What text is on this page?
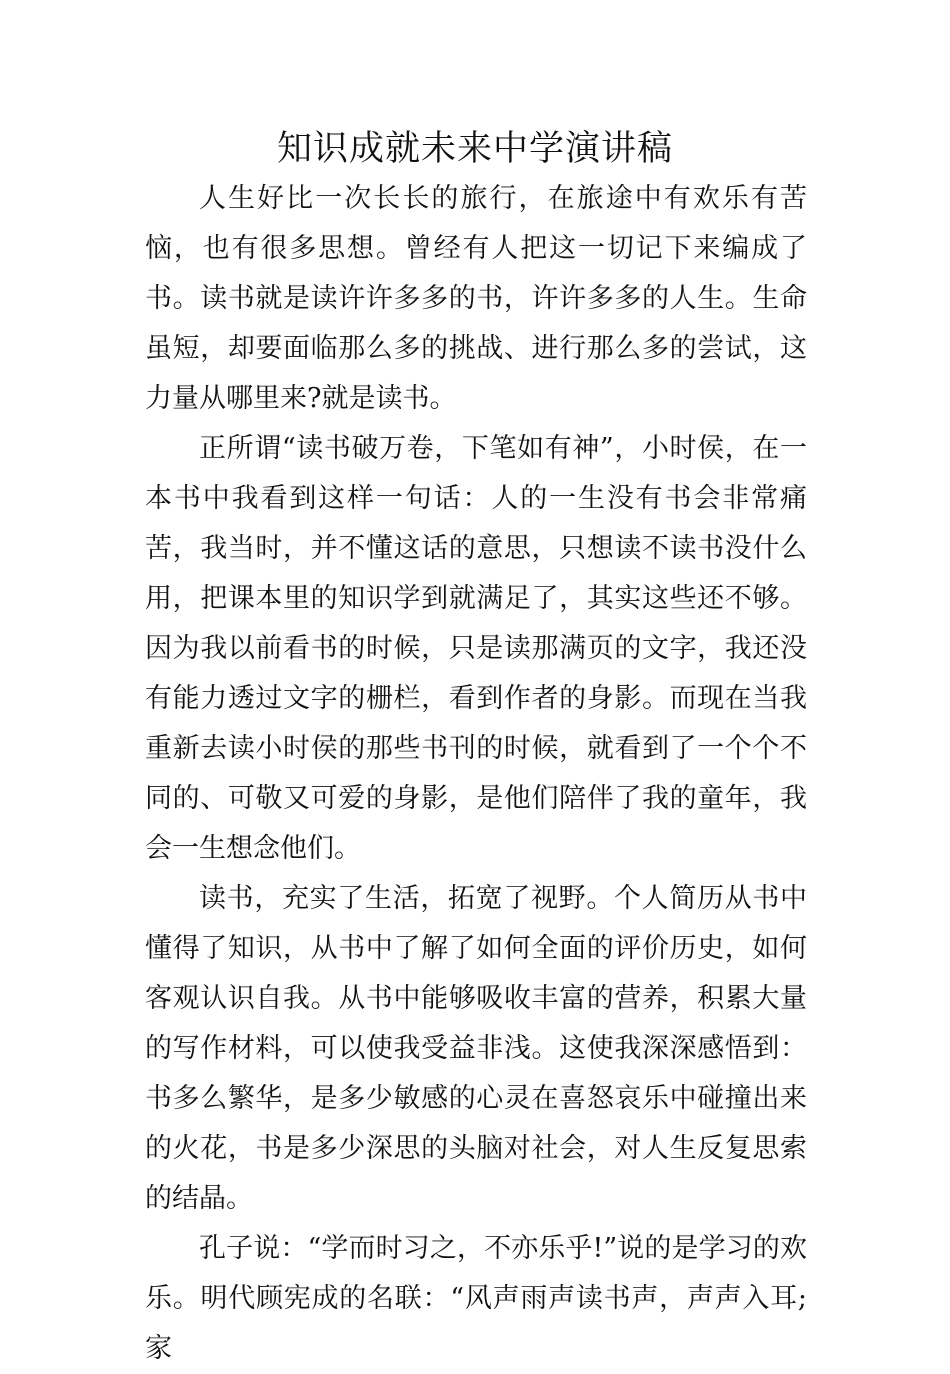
知识成就未来中学演讲稿

人生好比一次长长的旅行，在旅途中有欢乐有苦恼，也有很多思想。曾经有人把这一切记下来编成了书。读书就是读许许多多的书，许许多多的人生。生命虽短，却要面临那么多的挑战、进行那么多的尝试，这力量从哪里来?就是读书。

正所谓“读书破万卷，下笔如有神”，小时侯，在一本书中我看到这样一句话：人的一生没有书会非常痛苦，我当时，并不懂这话的意思，只想读不读书没什么用，把课本里的知识学到就满足了，其实这些还不够。因为我以前看书的时候，只是读那满页的文字，我还没有能力透过文字的栅栏，看到作者的身影。而现在当我重新去读小时侯的那些书刊的时候，就看到了一个个不同的、可敬又可爱的身影，是他们陪伴了我的童年，我会一生想念他们。

读书，充实了生活，拓宽了视野。个人简历从书中懂得了知识，从书中了解了如何全面的评价历史，如何客观认识自我。从书中能够吸收丰富的营养，积累大量的写作材料，可以使我受益非浅。这使我深深感悟到：书多么繁华，是多少敏感的心灵在喜怒哀乐中碰撞出来的火花，书是多少深思的头脑对社会，对人生反复思索的结晶。

孔子说：“学而时习之，不亦乐乎!”说的是学习的欢乐。明代顾宪成的名联：“风声雨声读书声，声声入耳;家
